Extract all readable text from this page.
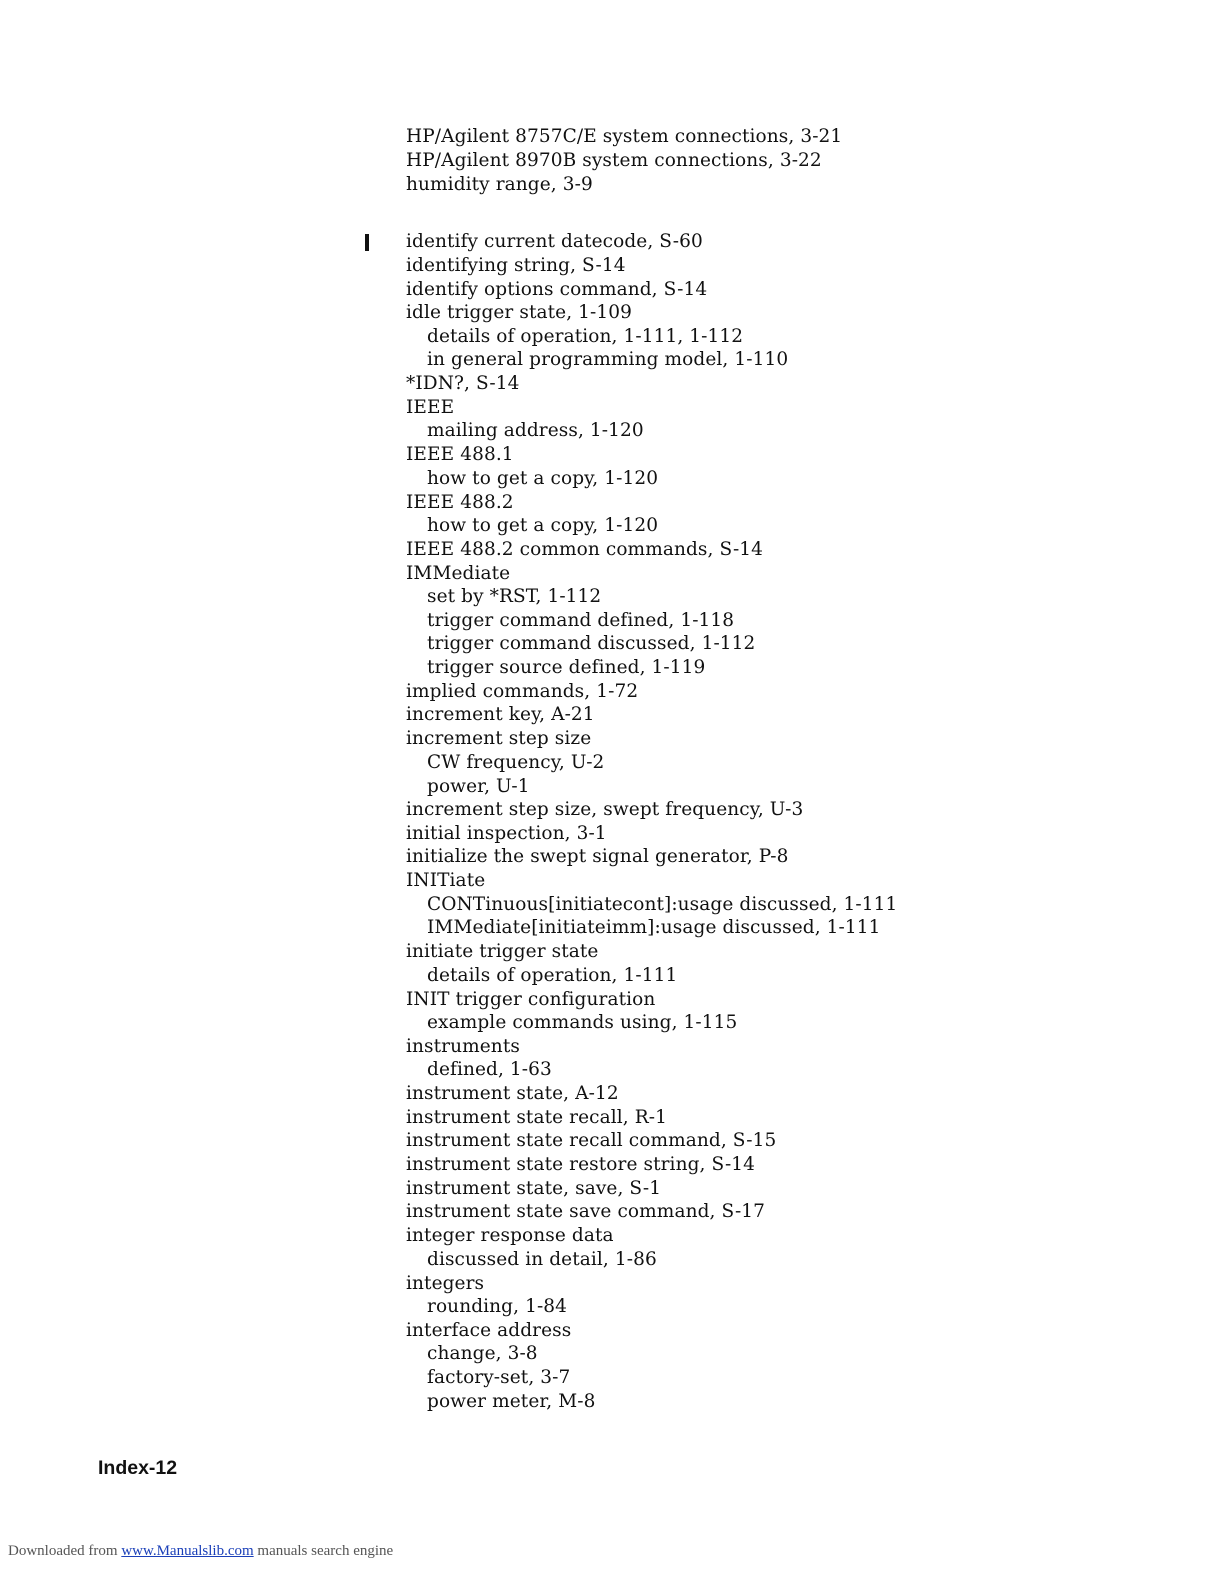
HP/Agilent 8757C/E system connections, 3-21
HP/Agilent 8970B system connections, 3-22
humidity range, 3-9
identify current datecode, S-60
identifying string, S-14
identify options command, S-14
idle trigger state, 1-109
details of operation, 1-111, 1-112
in general programming model, 1-110
*IDN?, S-14
IEEE
mailing address, 1-120
IEEE 488.1
how to get a copy, 1-120
IEEE 488.2
how to get a copy, 1-120
IEEE 488.2 common commands, S-14
IMMediate
set by *RST, 1-112
trigger command defined, 1-118
trigger command discussed, 1-112
trigger source defined, 1-119
implied commands, 1-72
increment key, A-21
increment step size
CW frequency, U-2
power, U-1
increment step size, swept frequency, U-3
initial inspection, 3-1
initialize the swept signal generator, P-8
INITiate
CONTinuous[initiatecont]:usage discussed, 1-111
IMMediate[initiateimm]:usage discussed, 1-111
initiate trigger state
details of operation, 1-111
INIT trigger configuration
example commands using, 1-115
instruments
defined, 1-63
instrument state, A-12
instrument state recall, R-1
instrument state recall command, S-15
instrument state restore string, S-14
instrument state, save, S-1
instrument state save command, S-17
integer response data
discussed in detail, 1-86
integers
rounding, 1-84
interface address
change, 3-8
factory-set, 3-7
power meter, M-8
Index-12
Downloaded from www.Manualslib.com manuals search engine
